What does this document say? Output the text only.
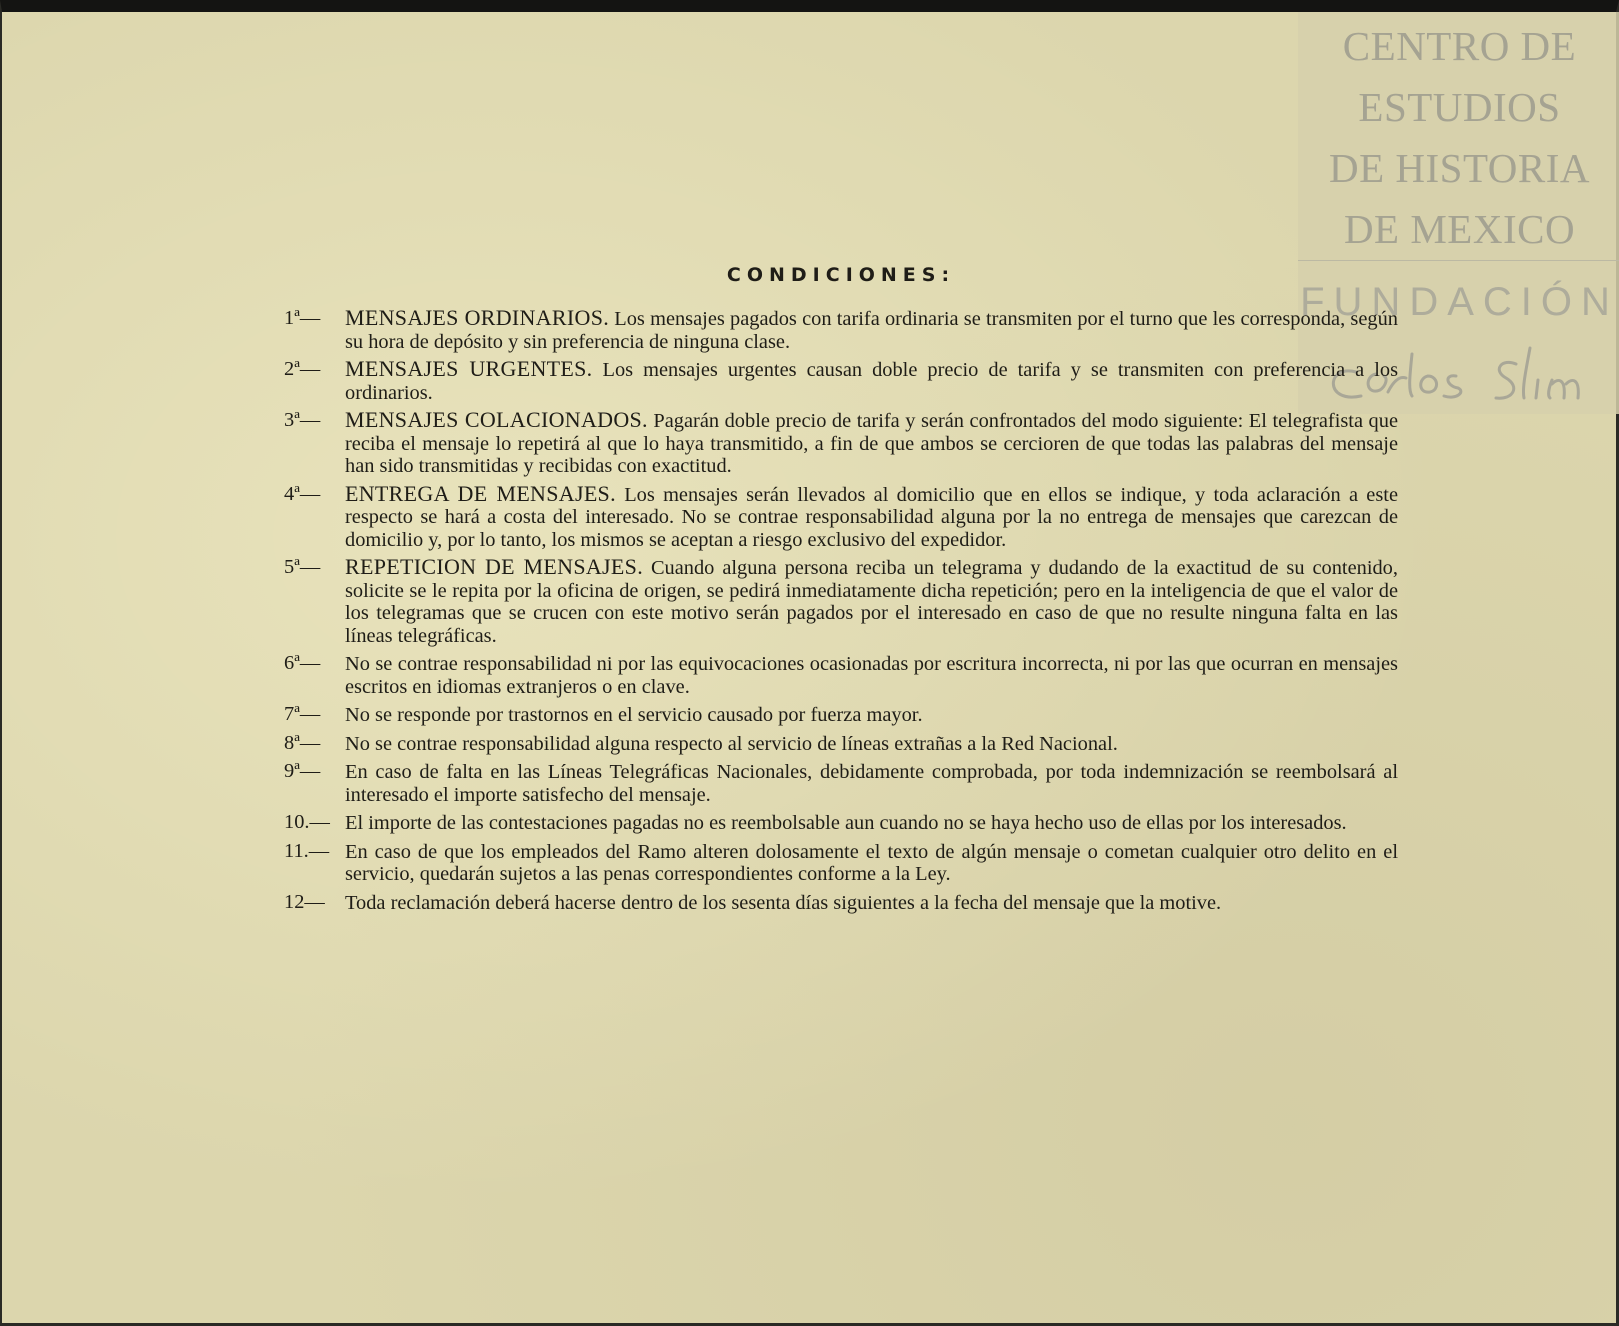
CENTRO DE
ESTUDIOS
DE HISTORIA
DE MEXICO
FUNDACIÓN
CONDICIONES:
1ª— MENSAJES ORDINARIOS. Los mensajes pagados con tarifa ordinaria se transmiten por el turno que les corresponda, según su hora de depósito y sin preferencia de ninguna clase.
2ª— MENSAJES URGENTES. Los mensajes urgentes causan doble precio de tarifa y se transmiten con preferencia a los ordinarios.
3ª— MENSAJES COLACIONADOS. Pagarán doble precio de tarifa y serán confrontados del modo siguiente: El telegrafista que reciba el mensaje lo repetirá al que lo haya transmitido, a fin de que ambos se cercioren de que todas las palabras del mensaje han sido transmitidas y recibidas con exactitud.
4ª— ENTREGA DE MENSAJES. Los mensajes serán llevados al domicilio que en ellos se indique, y toda aclaración a este respecto se hará a costa del interesado. No se contrae responsabilidad alguna por la no entrega de mensajes que carezcan de domicilio y, por lo tanto, los mismos se aceptan a riesgo exclusivo del expedidor.
5ª— REPETICION DE MENSAJES. Cuando alguna persona reciba un telegrama y dudando de la exactitud de su contenido, solicite se le repita por la oficina de origen, se pedirá inmediatamente dicha repetición; pero en la inteligencia de que el valor de los telegramas que se crucen con este motivo serán pagados por el interesado en caso de que no resulte ninguna falta en las líneas telegráficas.
6ª— No se contrae responsabilidad ni por las equivocaciones ocasionadas por escritura incorrecta, ni por las que ocurran en mensajes escritos en idiomas extranjeros o en clave.
7ª— No se responde por trastornos en el servicio causado por fuerza mayor.
8ª— No se contrae responsabilidad alguna respecto al servicio de líneas extrañas a la Red Nacional.
9ª— En caso de falta en las Líneas Telegráficas Nacionales, debidamente comprobada, por toda indemnización se reembolsará al interesado el importe satisfecho del mensaje.
10.— El importe de las contestaciones pagadas no es reembolsable aun cuando no se haya hecho uso de ellas por los interesados.
11.— En caso de que los empleados del Ramo alteren dolosamente el texto de algún mensaje o cometan cualquier otro delito en el servicio, quedarán sujetos a las penas correspondientes conforme a la Ley.
12— Toda reclamación deberá hacerse dentro de los sesenta días siguientes a la fecha del mensaje que la motive.
